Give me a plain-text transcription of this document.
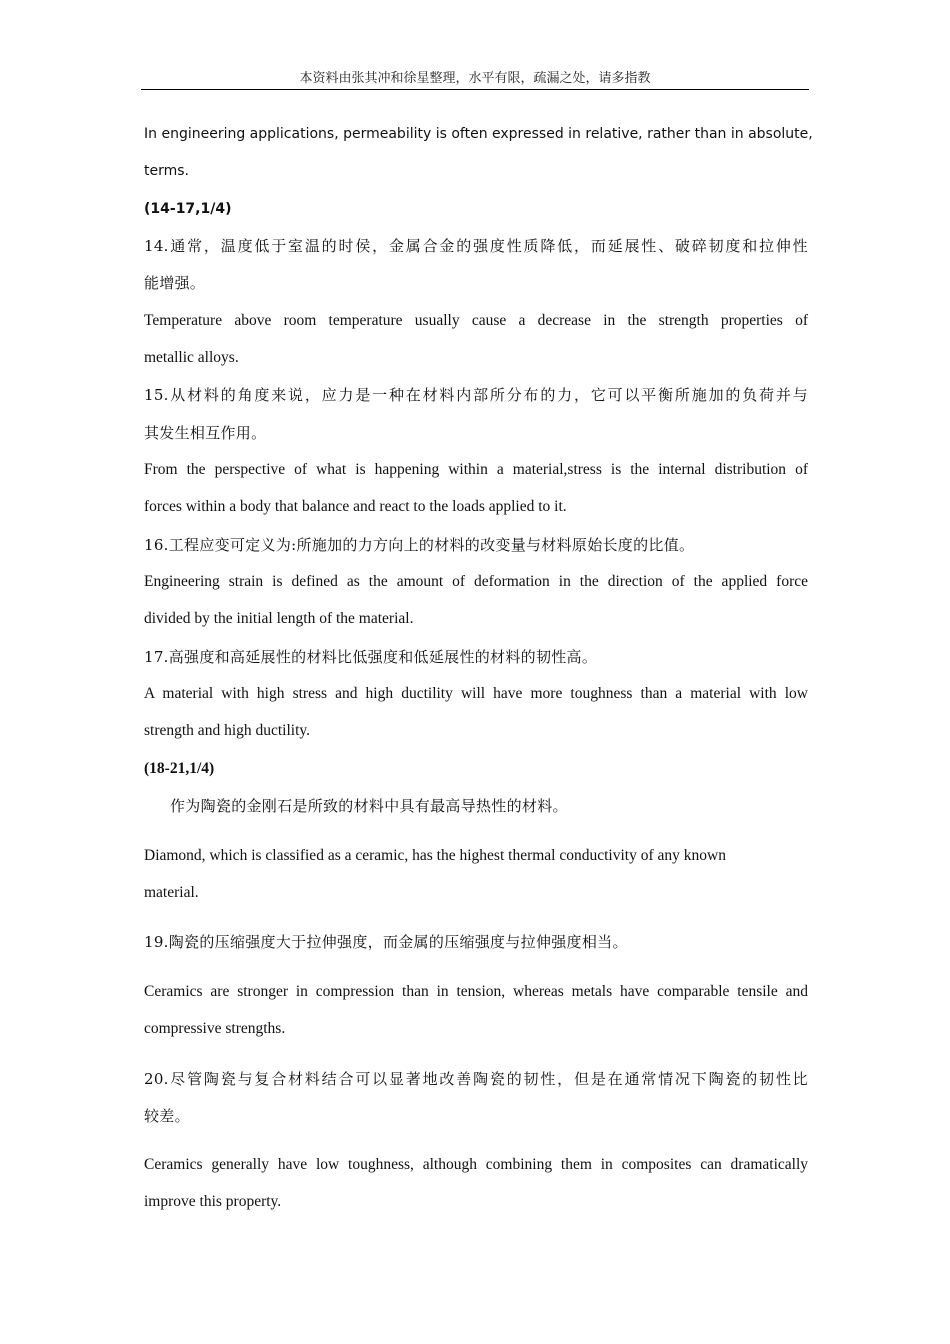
本资料由张其冲和徐星整理，水平有限，疏漏之处，请多指教
In engineering applications, permeability is often expressed in relative, rather than in absolute,
terms.
(14-17,1/4)
14.通常，温度低于室温的时侯，金属合金的强度性质降低，而延展性、破碎韧度和拉伸性
能增强。
Temperature above room temperature usually cause a decrease in the strength properties of
metallic alloys.
15.从材料的角度来说，应力是一种在材料内部所分布的力，它可以平衡所施加的负荷并与
其发生相互作用。
From the perspective of what is happening within a material,stress is the internal distribution of
forces within a body that balance and react to the loads applied to it.
16.工程应变可定义为:所施加的力方向上的材料的改变量与材料原始长度的比值。
Engineering strain is defined as the amount of deformation in the direction of the applied force
divided by the initial length of the material.
17.高强度和高延展性的材料比低强度和低延展性的材料的韧性高。
A material with high stress and high ductility will have more toughness than a material with low
strength and high ductility.
(18-21,1/4)
作为陶瓷的金刚石是所致的材料中具有最高导热性的材料。
Diamond, which is classified as a ceramic, has the highest thermal conductivity of any known
material.
19.陶瓷的压缩强度大于拉伸强度，而金属的压缩强度与拉伸强度相当。
Ceramics are stronger in compression than in tension, whereas metals have comparable tensile and
compressive strengths.
20.尽管陶瓷与复合材料结合可以显著地改善陶瓷的韧性，但是在通常情况下陶瓷的韧性比
较差。
Ceramics generally have low toughness, although combining them in composites can dramatically
improve this property.
